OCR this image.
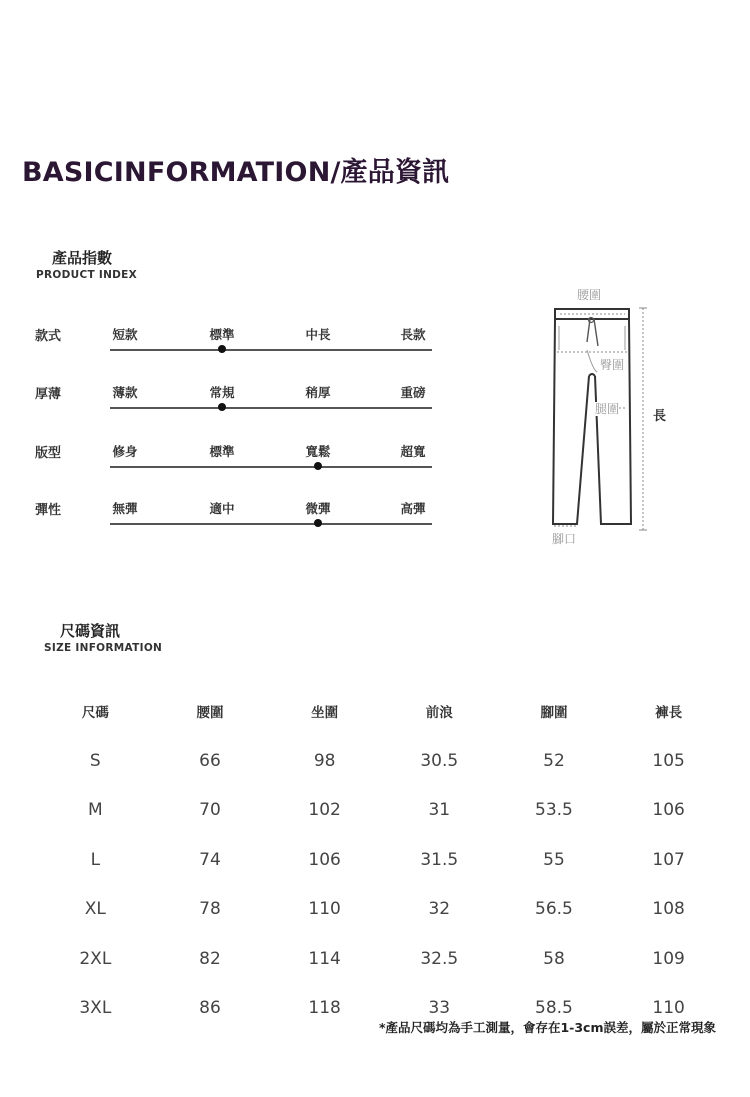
BASICINFORMATION/產品資訊
產品指數
PRODUCT INDEX
款式	短款	標準	中長	長款
厚薄	薄款	常規	稍厚	重磅
版型	修身	標準	寬鬆	超寬
彈性	無彈	適中	微彈	高彈
腰圍
臀圍
腿圍
腳口
長
尺碼資訊
SIZE INFORMATION
尺碼	腰圍	坐圍	前浪	腳圍	褲長
S	66	98	30.5	52	105
M	70	102	31	53.5	106
L	74	106	31.5	55	107
XL	78	110	32	56.5	108
2XL	82	114	32.5	58	109
3XL	86	118	33	58.5	110
*產品尺碼均為手工測量，會存在1-3cm誤差，屬於正常現象
